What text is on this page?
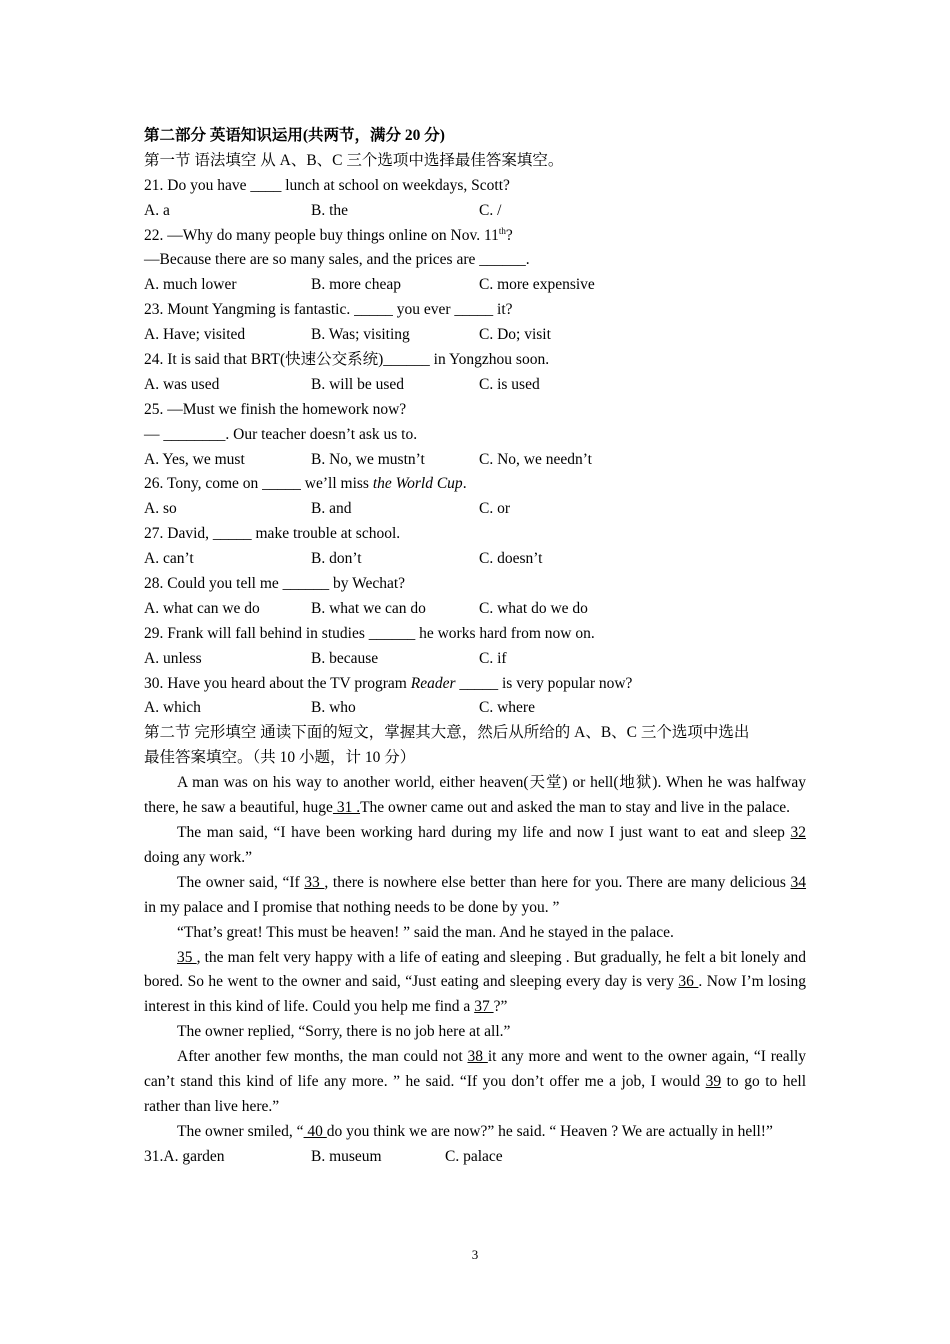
第二部分 英语知识运用(共两节，满分 20 分)
第一节 语法填空 从 A、B、C 三个选项中选择最佳答案填空。
21. Do you have ____ lunch at school on weekdays, Scott?
A. a	B. the	C. /
22. —Why do many people buy things online on Nov. 11th?
—Because there are so many sales, and the prices are ______.
A. much lower	B. more cheap	C. more expensive
23. Mount Yangming is fantastic. _____ you ever _____ it?
A. Have; visited	B. Was; visiting	C. Do; visit
24. It is said that BRT(快速公交系统)______ in Yongzhou soon.
A. was used	B. will be used	C. is used
25. —Must we finish the homework now?
— ________. Our teacher doesn’t ask us to.
A. Yes, we must	B. No, we mustn’t	C. No, we needn’t
26. Tony, come on _____ we’ll miss the World Cup.
A. so	B. and	C. or
27. David, _____ make trouble at school.
A. can’t	B. don’t	C. doesn’t
28. Could you tell me ______ by Wechat?
A. what can we do	B. what we can do	C. what do we do
29. Frank will fall behind in studies ______ he works hard from now on.
A. unless	B. because	C. if
30. Have you heard about the TV program Reader _____ is very popular now?
A. which	B. who	C. where
第二节 完形填空 通读下面的短文，掌握其大意，然后从所给的 A、B、C 三个选项中选出
最佳答案填空。（共 10 小题，计 10 分）

A man was on his way to another world, either heaven(天堂) or hell(地狱). When he was halfway there, he saw a beautiful, huge 31 .The owner came out and asked the man to stay and live in the palace.

The man said, “I have been working hard during my life and now I just want to eat and sleep 32 doing any work.”

The owner said, “If 33 , there is nowhere else better than here for you. There are many delicious 34 in my palace and I promise that nothing needs to be done by you. ”

“That’s great! This must be heaven! ” said the man. And he stayed in the palace.

35 , the man felt very happy with a life of eating and sleeping . But gradually, he felt a bit lonely and bored. So he went to the owner and said, “Just eating and sleeping every day is very 36 . Now I’m losing interest in this kind of life. Could you help me find a 37 ?”

The owner replied, “Sorry, there is no job here at all.”

After another few months, the man could not 38 it any more and went to the owner again, “I really can’t stand this kind of life any more. ” he said. “If you don’t offer me a job, I would 39 to go to hell rather than live here.”

The owner smiled, “ 40 do you think we are now?” he said. “ Heaven ? We are actually in hell!”

31.A. garden	B. museum	C. palace
3
